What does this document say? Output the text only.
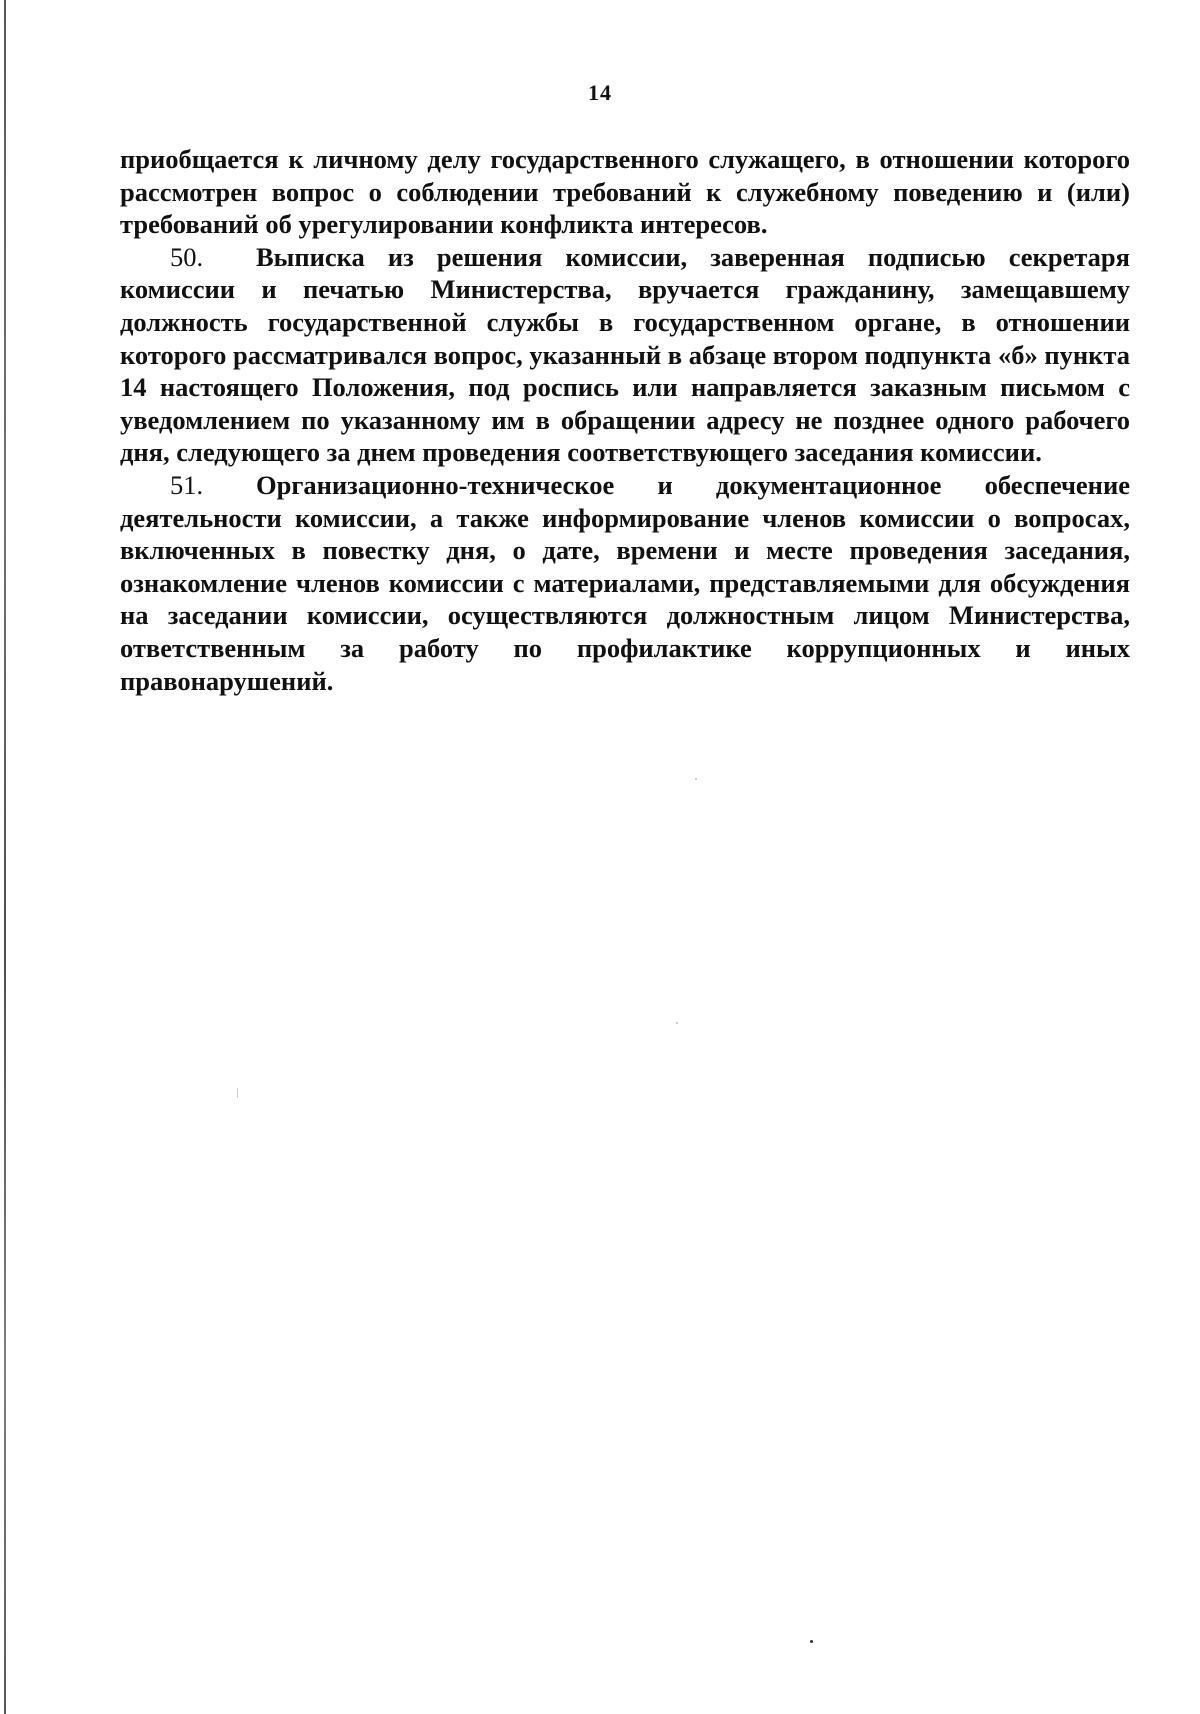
14

приобщается к личному делу государственного служащего, в отношении которого рассмотрен вопрос о соблюдении требований к служебному поведению и (или) требований об урегулировании конфликта интересов.

50. Выписка из решения комиссии, заверенная подписью секретаря комиссии и печатью Министерства, вручается гражданину, замещавшему должность государственной службы в государственном органе, в отношении которого рассматривался вопрос, указанный в абзаце втором подпункта «б» пункта 14 настоящего Положения, под роспись или направляется заказным письмом с уведомлением по указанному им в обращении адресу не позднее одного рабочего дня, следующего за днем проведения соответствующего заседания комиссии.

51. Организационно-техническое и документационное обеспечение деятельности комиссии, а также информирование членов комиссии о вопросах, включенных в повестку дня, о дате, времени и месте проведения заседания, ознакомление членов комиссии с материалами, представляемыми для обсуждения на заседании комиссии, осуществляются должностным лицом Министерства, ответственным за работу по профилактике коррупционных и иных правонарушений.
